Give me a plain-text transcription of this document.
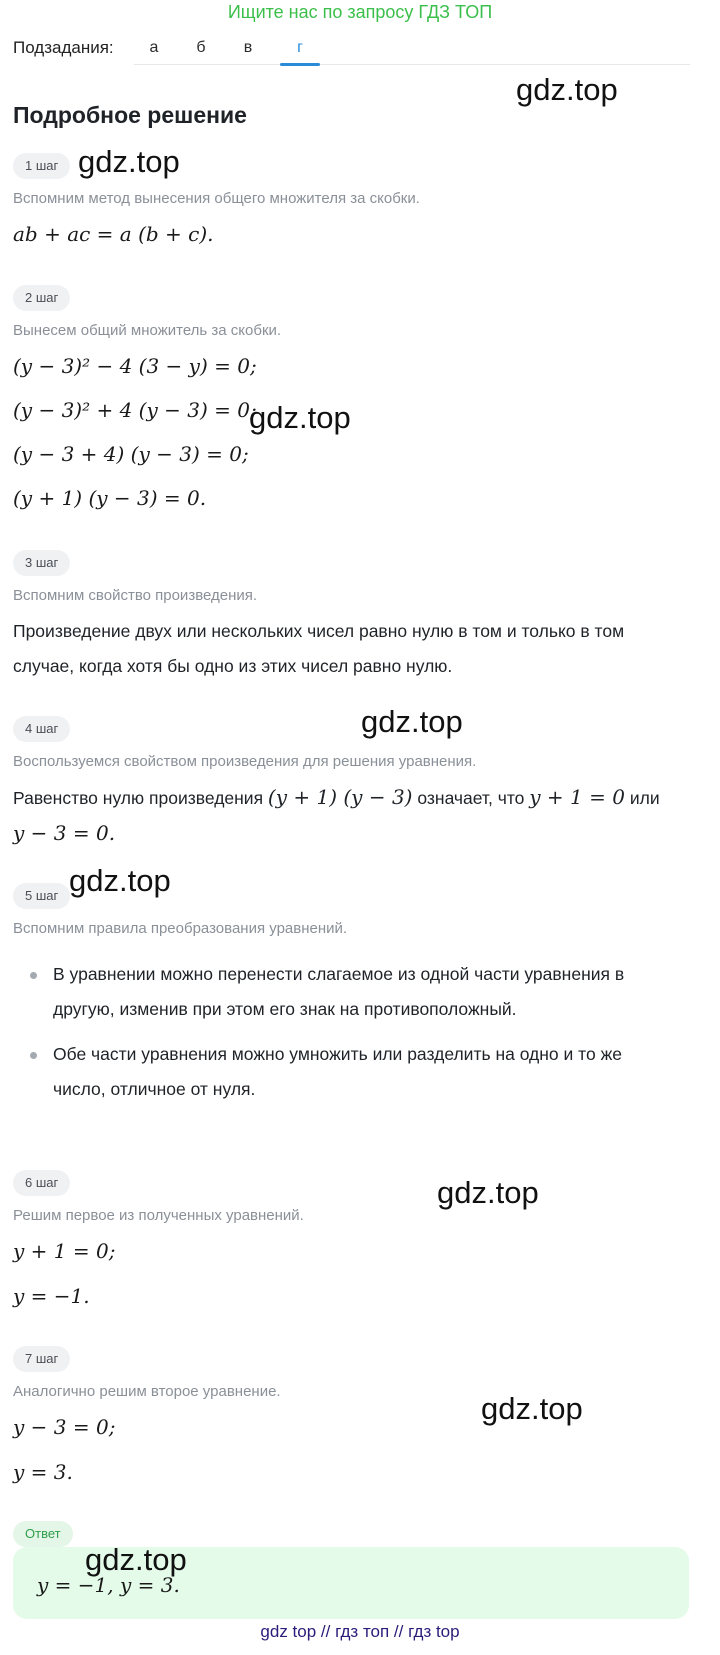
Ищите нас по запросу ГДЗ ТОП
Подзадания:	а	б	в	г
Подробное решение
1 шаг
Вспомним метод вынесения общего множителя за скобки.
ab + ac = a (b + c).
2 шаг
Вынесем общий множитель за скобки.
(y − 3)² − 4 (3 − y) = 0;
(y − 3)² + 4 (y − 3) = 0;
(y − 3 + 4) (y − 3) = 0;
(y + 1) (y − 3) = 0.
3 шаг
Вспомним свойство произведения.
Произведение двух или нескольких чисел равно нулю в том и только в том
случае, когда хотя бы одно из этих чисел равно нулю.
4 шаг
Воспользуемся свойством произведения для решения уравнения.
Равенство нулю произведения (y + 1) (y − 3) означает, что y + 1 = 0 или
y − 3 = 0.
5 шаг
Вспомним правила преобразования уравнений.
В уравнении можно перенести слагаемое из одной части уравнения в
другую, изменив при этом его знак на противоположный.
Обе части уравнения можно умножить или разделить на одно и то же
число, отличное от нуля.
6 шаг
Решим первое из полученных уравнений.
y + 1 = 0;
y = −1.
7 шаг
Аналогично решим второе уравнение.
y − 3 = 0;
y = 3.
Ответ
y = −1, y = 3.
gdz.top
gdz.top
gdz.top
gdz.top
gdz.top
gdz.top
gdz.top
gdz.top
gdz top // гдз топ // гдз top
